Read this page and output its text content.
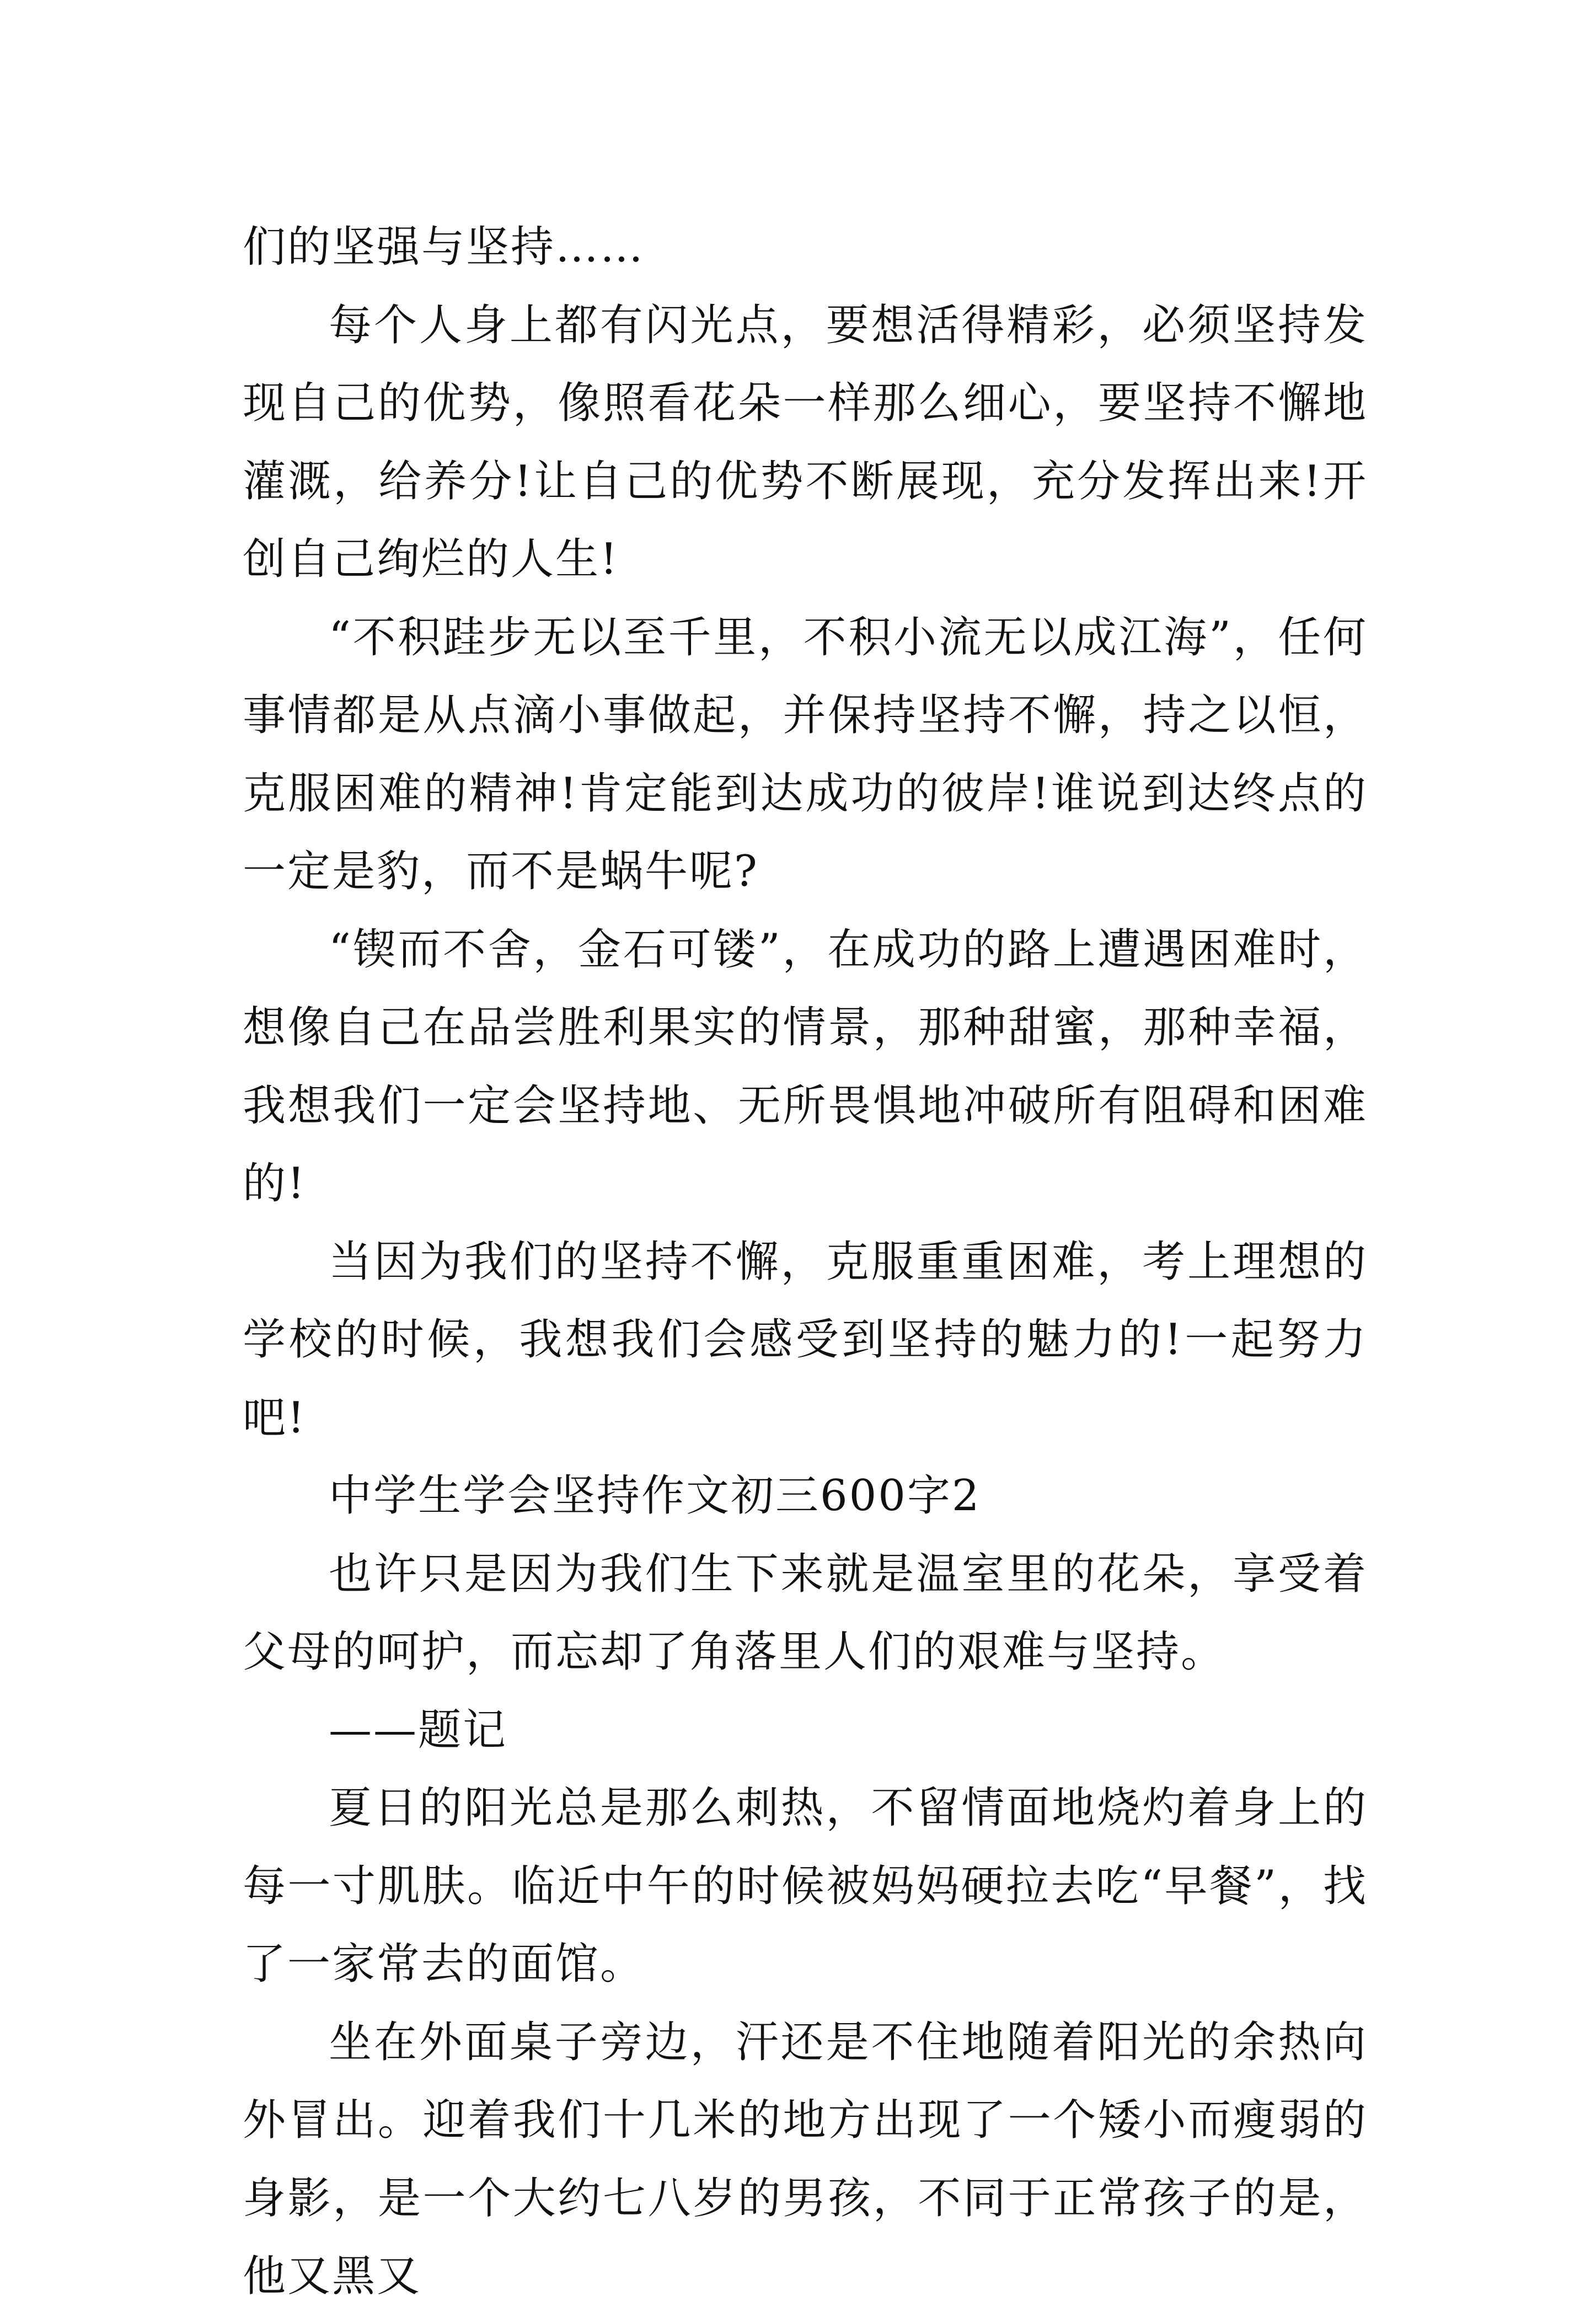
们的坚强与坚持……

每个人身上都有闪光点，要想活得精彩，必须坚持发现自己的优势，像照看花朵一样那么细心，要坚持不懈地灌溉，给养分!让自己的优势不断展现，充分发挥出来!开创自己绚烂的人生!

“不积跬步无以至千里，不积小流无以成江海”，任何事情都是从点滴小事做起，并保持坚持不懈，持之以恒，克服困难的精神!肯定能到达成功的彼岸!谁说到达终点的一定是豹，而不是蜗牛呢?

“锲而不舍，金石可镂”，在成功的路上遭遇困难时，想像自己在品尝胜利果实的情景，那种甜蜜，那种幸福，我想我们一定会坚持地、无所畏惧地冲破所有阻碍和困难的!

当因为我们的坚持不懈，克服重重困难，考上理想的学校的时候，我想我们会感受到坚持的魅力的!一起努力吧!

中学生学会坚持作文初三600字2

也许只是因为我们生下来就是温室里的花朵，享受着父母的呵护，而忘却了角落里人们的艰难与坚持。

——题记

夏日的阳光总是那么刺热，不留情面地烧灼着身上的每一寸肌肤。临近中午的时候被妈妈硬拉去吃“早餐”，找了一家常去的面馆。

坐在外面桌子旁边，汗还是不住地随着阳光的余热向外冒出。迎着我们十几米的地方出现了一个矮小而瘦弱的身影，是一个大约七八岁的男孩，不同于正常孩子的是，他又黑又
